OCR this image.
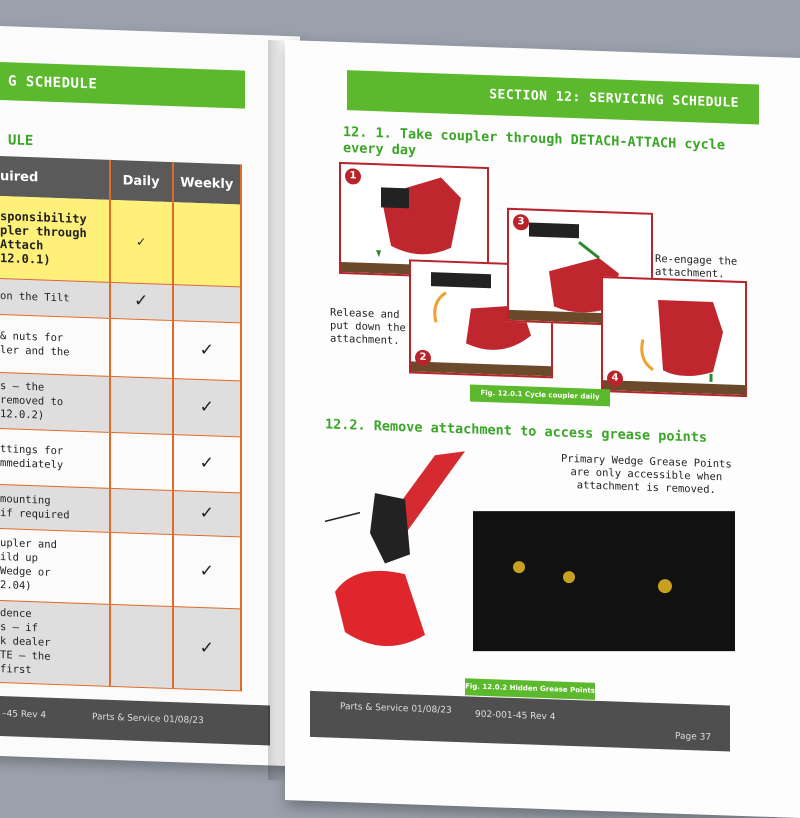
G SCHEDULE
ULE
uired	Daily	Weekly
sponsibility
pler through
Attach
12.0.1)	✓	
on the Tilt	✓	
& nuts for
ler and the		✓
s – the
removed to
12.0.2)		✓
ttings for
mmediately		✓
mounting
if required		✓
upler and
ild up
Wedge or
2.04)		✓
dence
s – if
k dealer
TE – the
first		✓
–45 Rev 4	Parts & Service 01/08/23
SECTION 12: SERVICING SCHEDULE
12. 1. Take coupler through DETACH-ATTACH cycle every day
1
2
3
4
Release and
put down the
attachment.
Re-engage the
attachment.
Fig. 12.0.1 Cycle coupler daily
12.2. Remove attachment to access grease points
Primary Wedge Grease Points
are only accessible when
attachment is removed.
Fig. 12.0.2 Hidden Grease Points
Parts & Service 01/08/23
902-001-45 Rev 4
Page 37
